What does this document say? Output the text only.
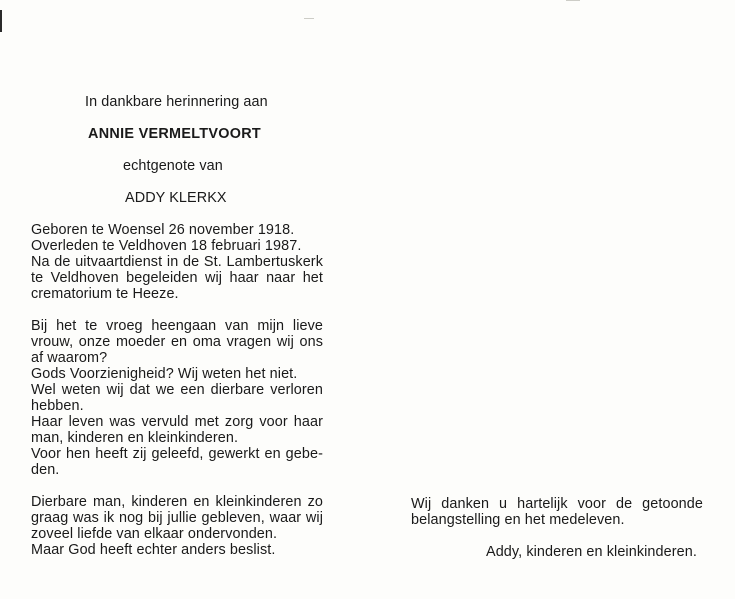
In dankbare herinnering aan
ANNIE VERMELTVOORT
echtgenote van
ADDY KLERKX
Geboren te Woensel 26 november 1918.
Overleden te Veldhoven 18 februari 1987.
Na de uitvaartdienst in de St. Lambertuskerk
te Veldhoven begeleiden wij haar naar het
crematorium te Heeze.
Bij het te vroeg heengaan van mijn lieve
vrouw, onze moeder en oma vragen wij ons
af waarom?
Gods Voorzienigheid? Wij weten het niet.
Wel weten wij dat we een dierbare verloren
hebben.
Haar leven was vervuld met zorg voor haar
man, kinderen en kleinkinderen.
Voor hen heeft zij geleefd, gewerkt en gebe-
den.
Dierbare man, kinderen en kleinkinderen zo
graag was ik nog bij jullie gebleven, waar wij
zoveel liefde van elkaar ondervonden.
Maar God heeft echter anders beslist.
Wij danken u hartelijk voor de getoonde
belangstelling en het medeleven.
Addy, kinderen en kleinkinderen.
